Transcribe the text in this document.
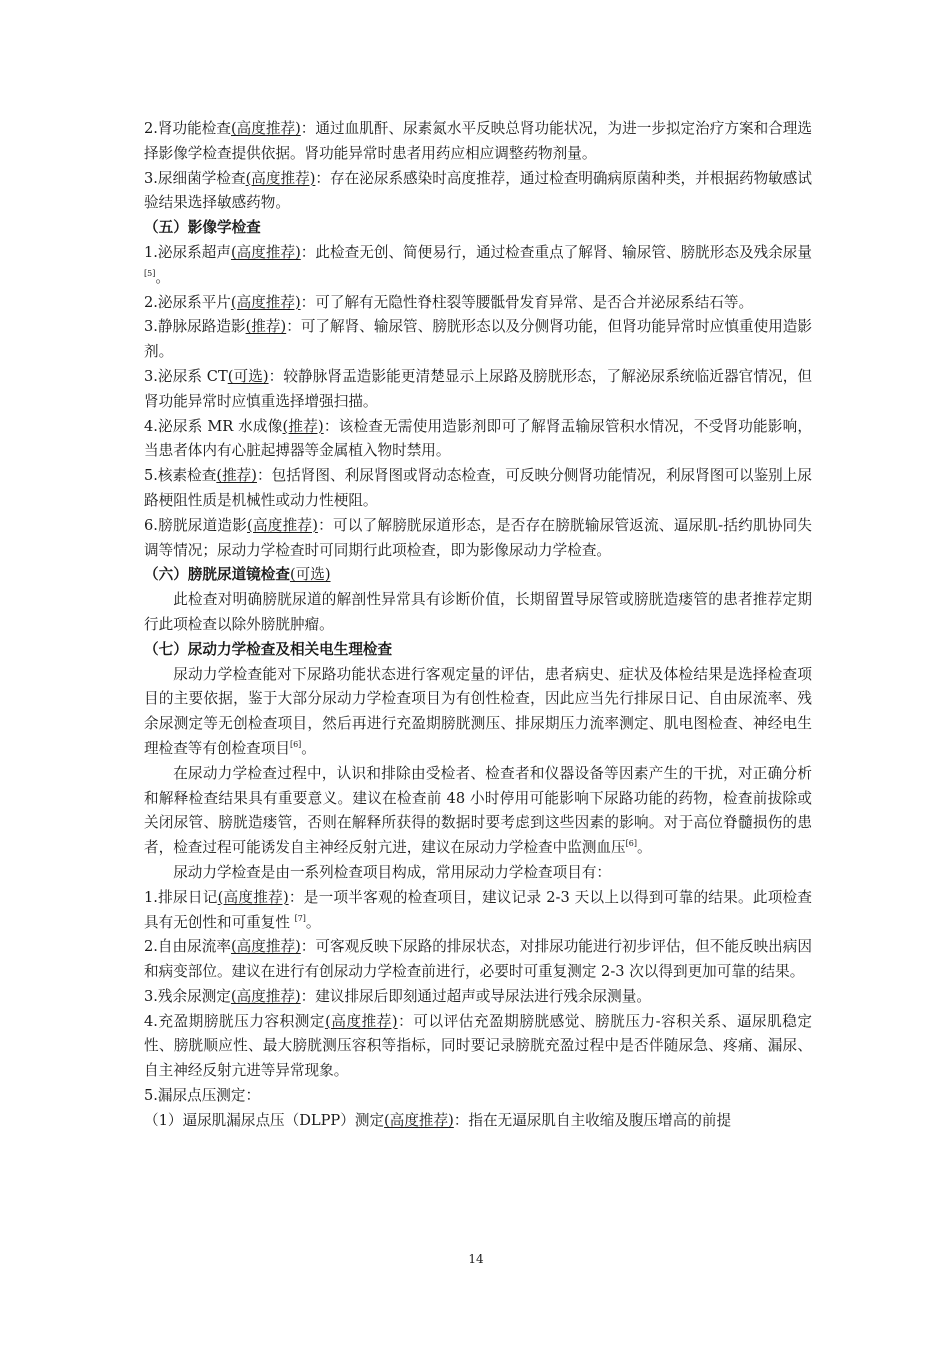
2.肾功能检查(高度推荐)：通过血肌酐、尿素氮水平反映总肾功能状况，为进一步拟定治疗方案和合理选择影像学检查提供依据。肾功能异常时患者用药应相应调整药物剂量。

3.尿细菌学检查(高度推荐)：存在泌尿系感染时高度推荐，通过检查明确病原菌种类，并根据药物敏感试验结果选择敏感药物。

（五）影像学检查

1.泌尿系超声(高度推荐)：此检查无创、简便易行，通过检查重点了解肾、输尿管、膀胱形态及残余尿量[5]。

2.泌尿系平片(高度推荐)：可了解有无隐性脊柱裂等腰骶骨发育异常、是否合并泌尿系结石等。

3.静脉尿路造影(推荐)：可了解肾、输尿管、膀胱形态以及分侧肾功能，但肾功能异常时应慎重使用造影剂。

3.泌尿系 CT(可选)：较静脉肾盂造影能更清楚显示上尿路及膀胱形态，了解泌尿系统临近器官情况，但肾功能异常时应慎重选择增强扫描。

4.泌尿系 MR 水成像(推荐)：该检查无需使用造影剂即可了解肾盂输尿管积水情况，不受肾功能影响，当患者体内有心脏起搏器等金属植入物时禁用。

5.核素检查(推荐)：包括肾图、利尿肾图或肾动态检查，可反映分侧肾功能情况，利尿肾图可以鉴别上尿路梗阻性质是机械性或动力性梗阻。

6.膀胱尿道造影(高度推荐)：可以了解膀胱尿道形态，是否存在膀胱输尿管返流、逼尿肌-括约肌协同失调等情况；尿动力学检查时可同期行此项检查，即为影像尿动力学检查。

（六）膀胱尿道镜检查(可选)

此检查对明确膀胱尿道的解剖性异常具有诊断价值，长期留置导尿管或膀胱造瘘管的患者推荐定期行此项检查以除外膀胱肿瘤。

（七）尿动力学检查及相关电生理检查

尿动力学检查能对下尿路功能状态进行客观定量的评估，患者病史、症状及体检结果是选择检查项目的主要依据，鉴于大部分尿动力学检查项目为有创性检查，因此应当先行排尿日记、自由尿流率、残余尿测定等无创检查项目，然后再进行充盈期膀胱测压、排尿期压力流率测定、肌电图检查、神经电生理检查等有创检查项目[6]。

在尿动力学检查过程中，认识和排除由受检者、检查者和仪器设备等因素产生的干扰，对正确分析和解释检查结果具有重要意义。建议在检查前 48 小时停用可能影响下尿路功能的药物，检查前拔除或关闭尿管、膀胱造瘘管，否则在解释所获得的数据时要考虑到这些因素的影响。对于高位脊髓损伤的患者，检查过程可能诱发自主神经反射亢进，建议在尿动力学检查中监测血压[6]。

尿动力学检查是由一系列检查项目构成，常用尿动力学检查项目有：

1.排尿日记(高度推荐)：是一项半客观的检查项目，建议记录 2-3 天以上以得到可靠的结果。此项检查具有无创性和可重复性 [7]。

2.自由尿流率(高度推荐)：可客观反映下尿路的排尿状态，对排尿功能进行初步评估，但不能反映出病因和病变部位。建议在进行有创尿动力学检查前进行，必要时可重复测定 2-3 次以得到更加可靠的结果。

3.残余尿测定(高度推荐)：建议排尿后即刻通过超声或导尿法进行残余尿测量。

4.充盈期膀胱压力容积测定(高度推荐)：可以评估充盈期膀胱感觉、膀胱压力-容积关系、逼尿肌稳定性、膀胱顺应性、最大膀胱测压容积等指标，同时要记录膀胱充盈过程中是否伴随尿急、疼痛、漏尿、自主神经反射亢进等异常现象。

5.漏尿点压测定：

（1）逼尿肌漏尿点压（DLPP）测定(高度推荐)：指在无逼尿肌自主收缩及腹压增高的前提

14
